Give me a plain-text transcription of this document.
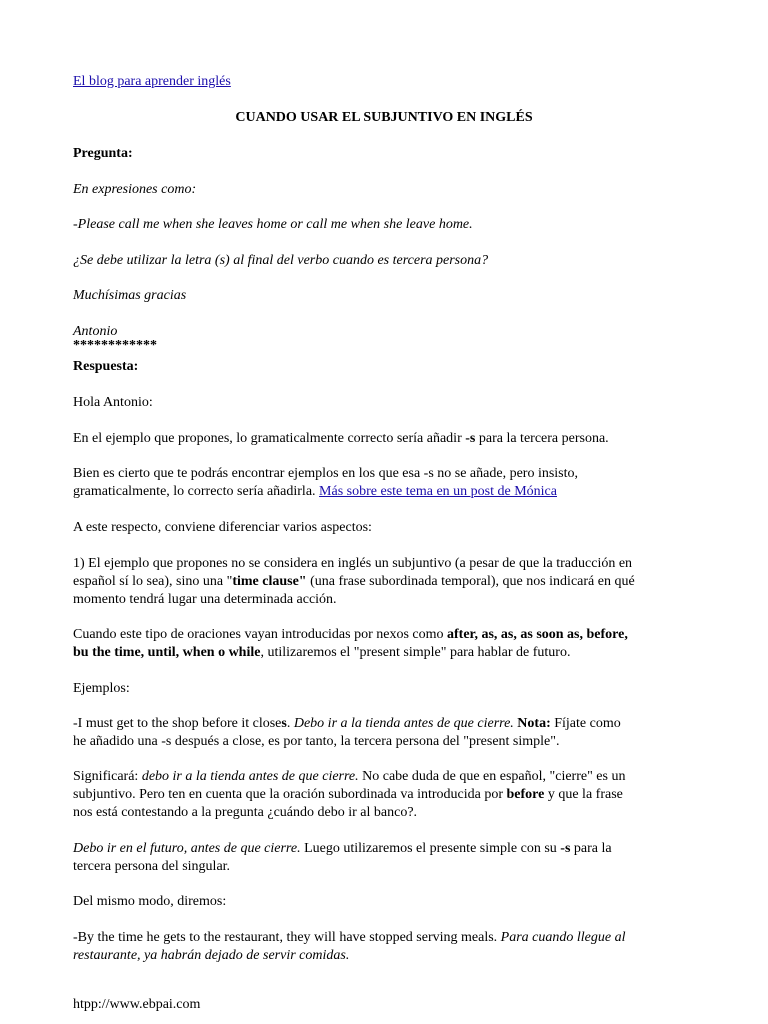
El blog para aprender inglés

CUANDO USAR EL SUBJUNTIVO EN INGLÉS

Pregunta:

En expresiones como:

-Please call me when she leaves home or call me when she leave home.

¿Se debe utilizar la letra (s) al final del verbo cuando es tercera persona?

Muchísimas gracias

Antonio

************

Respuesta:

Hola Antonio:

En el ejemplo que propones, lo gramaticalmente correcto sería añadir -s para la tercera persona.

Bien es cierto que te podrás encontrar ejemplos en los que esa -s no se añade, pero insisto,

gramaticalmente, lo correcto sería añadirla. Más sobre este tema en un post de Mónica

A este respecto, conviene diferenciar varios aspectos:

1) El ejemplo que propones no se considera en inglés un subjuntivo (a pesar de que la traducción en

español sí lo sea), sino una "time clause" (una frase subordinada temporal), que nos indicará en qué

momento tendrá lugar una determinada acción.

Cuando este tipo de oraciones vayan introducidas por nexos como after, as, as, as soon as, before,

bu the time, until, when o while, utilizaremos el "present simple" para hablar de futuro.

Ejemplos:

-I must get to the shop before it closes. Debo ir a la tienda antes de que cierre. Nota: Fíjate como

he añadido una -s después a close, es por tanto, la tercera persona del "present simple".

Significará: debo ir a la tienda antes de que cierre. No cabe duda de que en español, "cierre" es un

subjuntivo. Pero ten en cuenta que la oración subordinada va introducida por before y que la frase

nos está contestando a la pregunta ¿cuándo debo ir al banco?.

Debo ir en el futuro, antes de que cierre. Luego utilizaremos el presente simple con su -s para la

tercera persona del singular.

Del mismo modo, diremos:

-By the time he gets to the restaurant, they will have stopped serving meals. Para cuando llegue al

restaurante, ya habrán dejado de servir comidas.

htpp://www.ebpai.com
